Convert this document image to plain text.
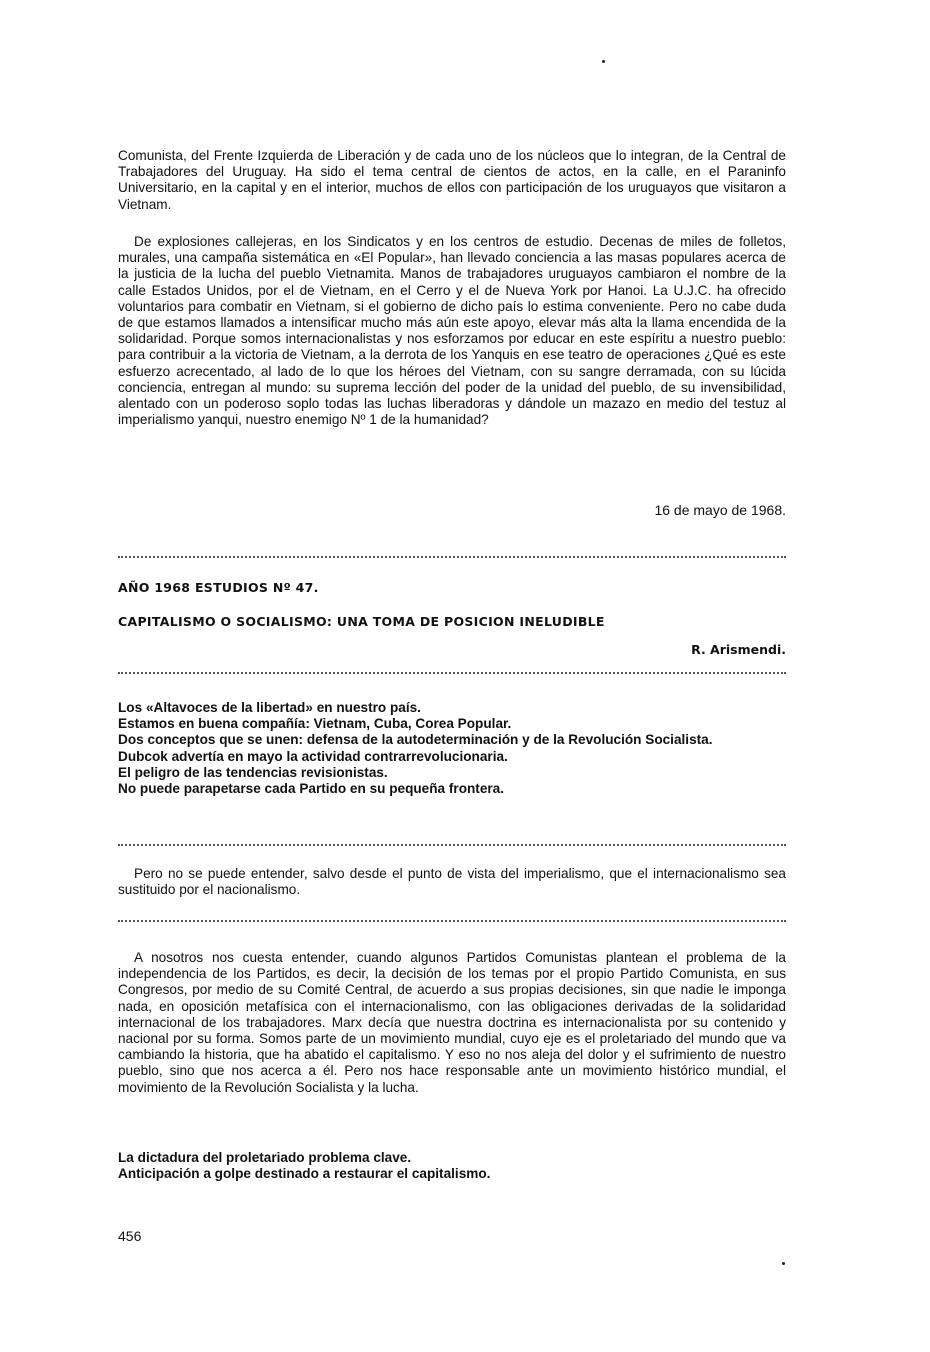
Comunista, del Frente Izquierda de Liberación y de cada uno de los núcleos que lo integran, de la Central de Trabajadores del Uruguay. Ha sido el tema central de cientos de actos, en la calle, en el Paraninfo Universitario, en la capital y en el interior, muchos de ellos con participación de los uruguayos que visitaron a Vietnam.

De explosiones callejeras, en los Sindicatos y en los centros de estudio. Decenas de miles de folletos, murales, una campaña sistemática en «El Popular», han llevado conciencia a las masas populares acerca de la justicia de la lucha del pueblo Vietnamita. Manos de trabajadores uruguayos cambiaron el nombre de la calle Estados Unidos, por el de Vietnam, en el Cerro y el de Nueva York por Hanoi. La U.J.C. ha ofrecido voluntarios para combatir en Vietnam, si el gobierno de dicho país lo estima conveniente. Pero no cabe duda de que estamos llamados a intensificar mucho más aún este apoyo, elevar más alta la llama encendida de la solidaridad. Porque somos internacionalistas y nos esforzamos por educar en este espíritu a nuestro pueblo: para contribuir a la victoria de Vietnam, a la derrota de los Yanquis en ese teatro de operaciones ¿Qué es este esfuerzo acrecentado, al lado de lo que los héroes del Vietnam, con su sangre derramada, con su lúcida conciencia, entregan al mundo: su suprema lección del poder de la unidad del pueblo, de su invensibilidad, alentado con un poderoso soplo todas las luchas liberadoras y dándole un mazazo en medio del testuz al imperialismo yanqui, nuestro enemigo Nº 1 de la humanidad?

16 de mayo de 1968.
AÑO 1968 ESTUDIOS Nº 47.
CAPITALISMO O SOCIALISMO: UNA TOMA DE POSICION INELUDIBLE
R. Arismendi.
Los «Altavoces de la libertad» en nuestro país.
Estamos en buena compañía: Vietnam, Cuba, Corea Popular.
Dos conceptos que se unen: defensa de la autodeterminación y de la Revolución Socialista.
Dubcok advertía en mayo la actividad contrarrevolucionaria.
El peligro de las tendencias revisionistas.
No puede parapetarse cada Partido en su pequeña frontera.

Pero no se puede entender, salvo desde el punto de vista del imperialismo, que el internacionalismo sea sustituido por el nacionalismo.

A nosotros nos cuesta entender, cuando algunos Partidos Comunistas plantean el problema de la independencia de los Partidos, es decir, la decisión de los temas por el propio Partido Comunista, en sus Congresos, por medio de su Comité Central, de acuerdo a sus propias decisiones, sin que nadie le imponga nada, en oposición metafísica con el internacionalismo, con las obligaciones derivadas de la solidaridad internacional de los trabajadores. Marx decía que nuestra doctrina es internacionalista por su contenido y nacional por su forma. Somos parte de un movimiento mundial, cuyo eje es el proletariado del mundo que va cambiando la historia, que ha abatido el capitalismo. Y eso no nos aleja del dolor y el sufrimiento de nuestro pueblo, sino que nos acerca a él. Pero nos hace responsable ante un movimiento histórico mundial, el movimiento de la Revolución Socialista y la lucha.

La dictadura del proletariado problema clave.
Anticipación a golpe destinado a restaurar el capitalismo.
456
